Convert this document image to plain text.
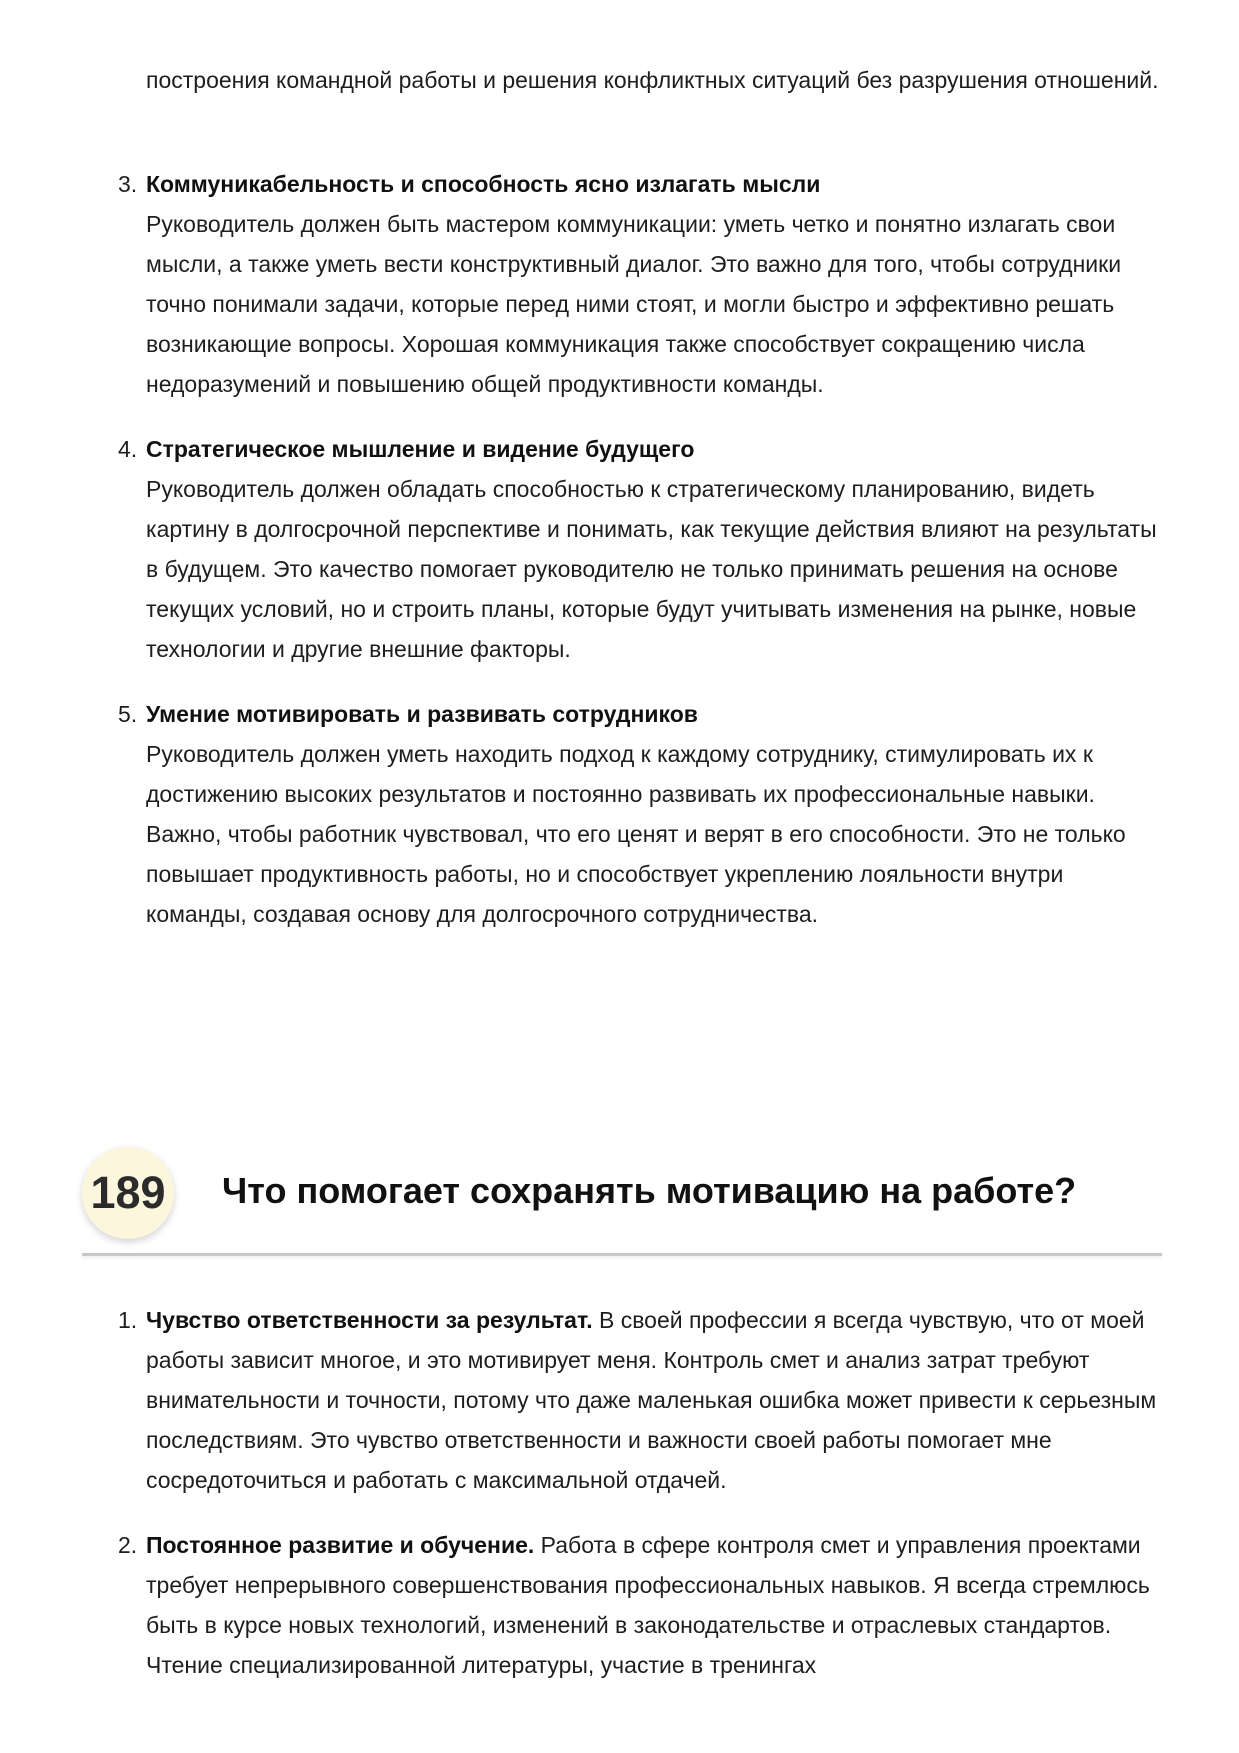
построения командной работы и решения конфликтных ситуаций без разрушения отношений.

3. Коммуникабельность и способность ясно излагать мысли
Руководитель должен быть мастером коммуникации: уметь четко и понятно излагать свои мысли, а также уметь вести конструктивный диалог. Это важно для того, чтобы сотрудники точно понимали задачи, которые перед ними стоят, и могли быстро и эффективно решать возникающие вопросы. Хорошая коммуникация также способствует сокращению числа недоразумений и повышению общей продуктивности команды.
4. Стратегическое мышление и видение будущего
Руководитель должен обладать способностью к стратегическому планированию, видеть картину в долгосрочной перспективе и понимать, как текущие действия влияют на результаты в будущем. Это качество помогает руководителю не только принимать решения на основе текущих условий, но и строить планы, которые будут учитывать изменения на рынке, новые технологии и другие внешние факторы.
5. Умение мотивировать и развивать сотрудников
Руководитель должен уметь находить подход к каждому сотруднику, стимулировать их к достижению высоких результатов и постоянно развивать их профессиональные навыки. Важно, чтобы работник чувствовал, что его ценят и верят в его способности. Это не только повышает продуктивность работы, но и способствует укреплению лояльности внутри команды, создавая основу для долгосрочного сотрудничества.
189 Что помогает сохранять мотивацию на работе?
1. Чувство ответственности за результат. В своей профессии я всегда чувствую, что от моей работы зависит многое, и это мотивирует меня. Контроль смет и анализ затрат требуют внимательности и точности, потому что даже маленькая ошибка может привести к серьезным последствиям. Это чувство ответственности и важности своей работы помогает мне сосредоточиться и работать с максимальной отдачей.
2. Постоянное развитие и обучение. Работа в сфере контроля смет и управления проектами требует непрерывного совершенствования профессиональных навыков. Я всегда стремлюсь быть в курсе новых технологий, изменений в законодательстве и отраслевых стандартов. Чтение специализированной литературы, участие в тренингах
